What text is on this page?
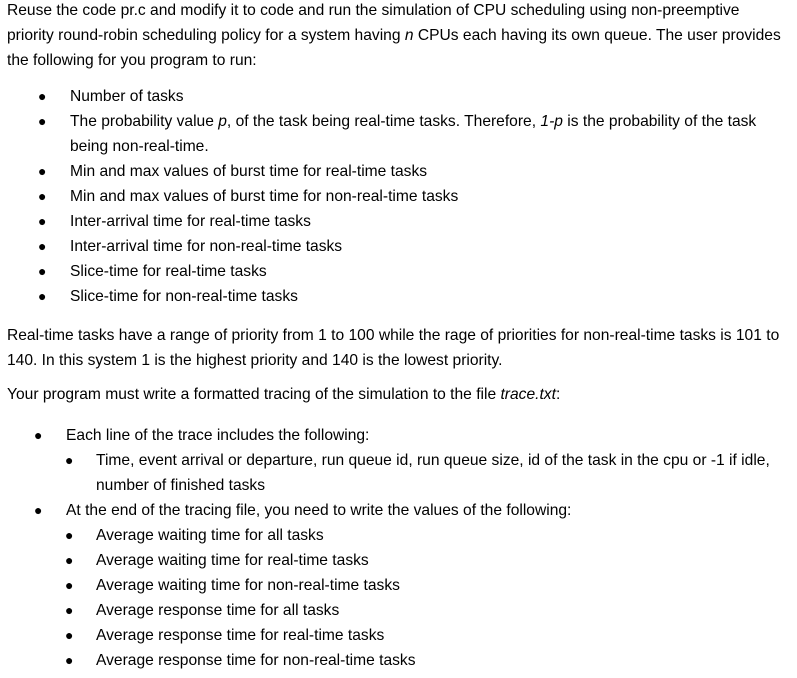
Reuse the code pr.c and modify it to code and run the simulation of CPU scheduling using non-preemptive priority round-robin scheduling policy for a system having n CPUs each having its own queue. The user provides the following for you program to run:

● Number of tasks
● The probability value p, of the task being real-time tasks. Therefore, 1-p is the probability of the task being non-real-time.
● Min and max values of burst time for real-time tasks
● Min and max values of burst time for non-real-time tasks
● Inter-arrival time for real-time tasks
● Inter-arrival time for non-real-time tasks
● Slice-time for real-time tasks
● Slice-time for non-real-time tasks

Real-time tasks have a range of priority from 1 to 100 while the rage of priorities for non-real-time tasks is 101 to 140. In this system 1 is the highest priority and 140 is the lowest priority.

Your program must write a formatted tracing of the simulation to the file trace.txt:

● Each line of the trace includes the following:
● Time, event arrival or departure, run queue id, run queue size, id of the task in the cpu or -1 if idle, number of finished tasks
● At the end of the tracing file, you need to write the values of the following:
● Average waiting time for all tasks
● Average waiting time for real-time tasks
● Average waiting time for non-real-time tasks
● Average response time for all tasks
● Average response time for real-time tasks
● Average response time for non-real-time tasks
